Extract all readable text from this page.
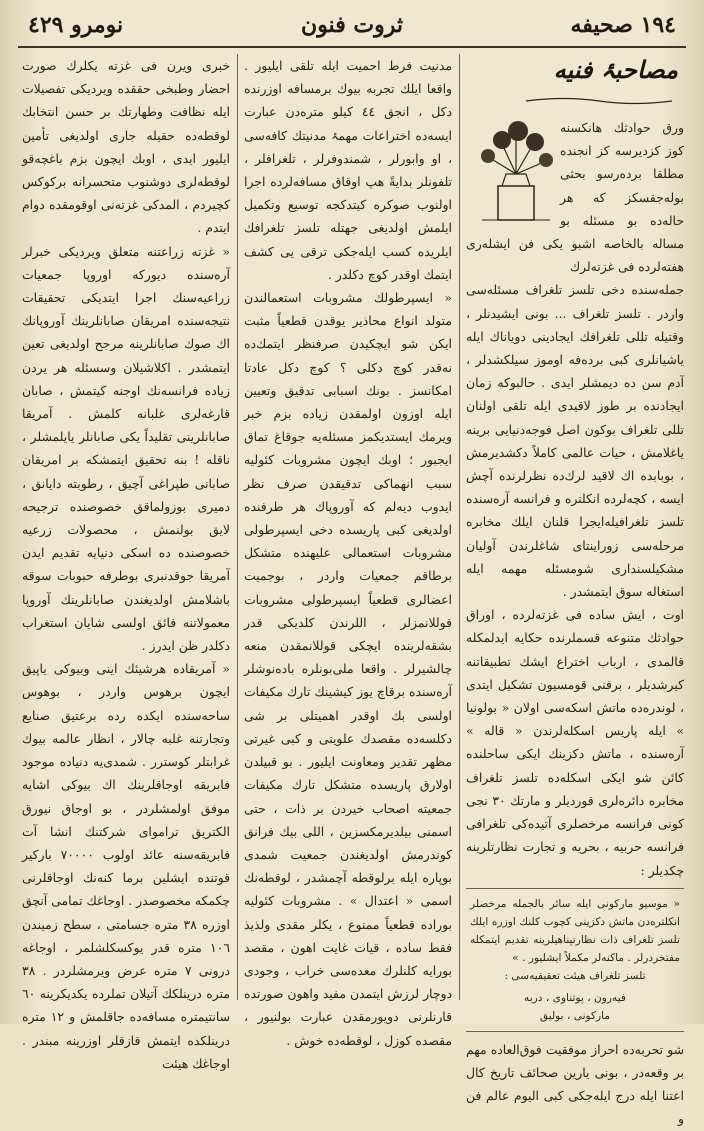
١٩٤ صحيفه
ثروت فنون
نومرو ٤٢٩
مصاحبۂ فنيه

ورق حوادثك هانكسنه كوز كزديرسه كز انجنده مطلقا برده‌رسو بحثى بوله‌جقسكز كه هر حاله‌ده بو مسئله بو مساله بالخاصه اشبو يكى فن ايشله‌رى هفته‌لرده فى غزته‌لرك

جمله‌سنده دخى تلسز تلغراف مسئله‌سى واردر . تلسز تلغراف ... بونى ايشيدنلر ، وقتيله تللى تلغرافك ايجادينى دوياناك ايله ياشيانلرى كبى برده‌فه اوموز سيلكشدلر ، آدم سن ده ديمشلر ايدى . حالبوكه زمان ايجادنده بر طوز لاقيدى ايله تلقى اولنان تللى تلغراف بوكون اصل فوجه‌دنيايى برينه ياغلامش ، حيات عالمى كاملاً دكشديرمش ، بوبابده اك لاقيد لرك‌ده نظرلرنده آچش ايسه ، كچه‌لرده انكلتره و فرانسه آره‌سنده تلسز تلغرافيله‌ايجرا قلنان ايلك مخابره مرحله‌سى زوراينتاى شاغلرندن آوليان مشكيلسندارى شومسئله مهمه ايله استغاله سوق ايتمشدر .

اوت ، ايش ساده فى غزته‌لرده ، اوراق حوادثك متنوعه قسملرنده حكايه ايدلمكله قالمدى ، ارباب اختراع ايشك تطبيقاتنه كيرشديلر ، برفنى قومسيون تشكيل ايتدى ، لوندره‌ده ماتش اسكه‌سى اولان « بولونيا » ايله پاريس اسكله‌لرندن « قاله » آره‌سنده ، ماتش دكزينك ايكى ساحلنده كائن شو ايكى اسكله‌ده تلسز تلغراف مخابره دائره‌لرى قورديلر و مارتك ٣٠ نجى كونى فرانسه مرخصلرى آتيده‌كى تلغرافى فرانسه حربيه ، بحريه و تجارت نظارتلرينه چكديلر :

« موسيو ماركونى ايله سائر بالجمله مرخصلر انكلتره‌دن ماتش دكزينى كچوب كلنك اوزره ايلك تلسز تلغراف ذات نظارتپناهيلرينه تقديم ايتمكله مفتخردرلر . ماكنه‌لر مكملاً ايشليور . »

تلسز تلغراف هيئت تعقيقيه‌سى :

فيه‌رون ، پوتناوى ، دربه
ماركونى ، بوليق

شو تحربه‌ده احراز موفقيت فوق‌العاده مهم بر وقعه‌در ، بونى يارين صحائف تاريخ كال اعتنا ايله درج ايله‌جكى كبى اليوم عالم فن و

مدنيت فرط احميت ايله تلقى ايليور . واقعا ايلك تجربه بيوك برمسافه اوزرنده دكل ، انجق ٤٤ كيلو متره‌دن عبارت ايسه‌ده اختراعات مهمۂ مدنيتك كافه‌سى ، او وابورلر ، شمندوفرلر ، تلغرافلر ، تلفونلر بدايةً هپ اوقاق مسافه‌لرده اجرا اولنوب صوكره كيتدكجه توسيع وتكميل ايلمش اولديغى جهتله تلسز تلغرافك ايلريده كسب ايله‌جكى ترقى يى كشف ايتمك اوقدر كوچ دكلدر .

« ايسپرطولك مشروبات استعمالندن متولد انواع محاذير يوقدن قطعياً مثبت ايكن شو ايچكيدن صرفنظر ايتمك‌ده نه‌قدر كوچ دكلى ؟ كوچ دكل عادتا امكانسز . بونك اسبابى تدقيق وتعيين ايله اوزون اولمقدن زياده بزم خبر ويرمك ايستديكمز مسئله‌يه جوقاغ تماق ايجبور ؛ اوبك ايچون مشروبات كئوليه سبب انهماكى تدقيقدن صرف نظر ايدوب ديه‌لم كه آوروپاك هر طرفنده اولديغى كبى پاريسده دخى ايسپرطولى مشروبات استعمالى عليهنده متشكل برطاقم جمعيات واردر ، بوجميت اعضالرى قطعياً ايسپرطولى مشروبات قوللانمزلر ، اللرندن كلديكى قدر بشقه‌لرينده ايچكى قوللانمقدن منعه چالشيرلر . واقعا ملى‌بونلره باده‌نوشلر آره‌سنده برقاچ يوز كيشينك تارك مكيفات اولسى بك اوقدر اهميتلى بر شى دكلسه‌ده مقصدك علويتى و كبى غيرتى مظهر تقدير ومعاونت ايليور . بو قبيلدن اولارق پاريسده متشكل تارك مكيفات جمعيته اصحاب خيردن بر ذات ، حتى اسمنى بيلديرمكسزين ، اللى بيك فرانق كوندرمش اولديغندن جمعيت شمدى بوپاره ايله برلوقطه آچمشدر ، لوقطه‌نك اسمى « اعتدال » . مشروبات كئوليه بوراده قطعياً ممنوع ، يكلر مقدى ولذيذ فقط ساده ، قيات غايت اهون ، مقصد بورايه كلنلرك معده‌سى خراب ، وجودى دوچار لرزش ايتمدن مفيد واهون صورتده قارنلرنى دويورمقدن عبارت بولنيور ، مقصده كوزل ، لوقطه‌ده خوش .

خبرى ويرن فى غزته يكلرك صورت احضار وطبخى حققده ويرديكى تفصيلات ايله نظافت وطهارتك بر حسن انتخابك لوقطه‌ده حقيله جارى اولديغى تأمين ايليور ايدى ، اوبك ايچون بزم باغچه‌قو لوقطه‌لرى دوشنوب متحسرانه بركوكس كچيردم ، المدكى غزته‌نى اوقومقده دوام ايتدم .

« غزته زراعتنه متعلق ويرديكى خبرلر آره‌سنده ديوركه اوروپا جمعيات زراعيه‌سنك اجرا ايتديكى تحقيقات نتيجه‌سنده امريقان صابانلرينك آوروپانك اك صوك صابانلرينه مرجح اولديغى تعين ايتمشدر . اكلاشيلان وسسئله هر يردن زياده فرانسه‌نك اوجنه كيتمش ، صابان قارغه‌لرى غلبانه كلمش . آمريقا صابانلرينى تقليداً يكى صابانلر يايلمشلر ، ناقله ! بنه تحقيق ايتمشكه بر امريقان صابانى طپراغى آچيق ، رطوبته دايانق ، دميرى بوزولماقق خصوصنده ترجيحه لايق بولنمش ، محصولات زرعيه خصوصنده ده اسكى دنيايه تقديم ايدن آمريقا جوقدنبرى بوطرفه حبوبات سوقه باشلامش اولديغندن صابانلرينك آوروپا معمولاتنه فائق اولسى شايان استغراب دكلدر ظن ايدرز .

« آمريقاده هرشيئك اينى وبيوكى ياپيق ايچون برهوس واردر ، بوهوس ساحه‌سنده ايكده رده برعتيق صنايع وتجارتنه غلبه چالار ، انظار عالمه بيوك غرابتلر كوسترر . شمدى‌يه دنياده موجود فابريقه اوجاقلرينك اك بيوكى اشايه موفق اولمشلردر ، بو اوجاق نيورق الكتريق ترامواى شركتنك انشا آت فابريقه‌سنه عائد اولوب ٧٠٠٠٠ باركير قوتنده ايشلين برما كنه‌نك اوجاقلرنى چكمكه مخصوصدر . اوجاغك تمامى آنچق اوزره ٣٨ متره جسامتى ، سطح زميندن ١٠٦ متره قدر يوكسكلشلمر ، اوجاغه درونى ٧ متره عرض ويرمشلردر . ٣٨ متره درينلكك آتيلان تملرده يكديكرينه ٦٠ سانتيمتره مسافه‌ده جاقلمش و ١٢ متره درينلكده ايتمش قازقلر اوزرينه مبندر . اوجاغك هيئت
